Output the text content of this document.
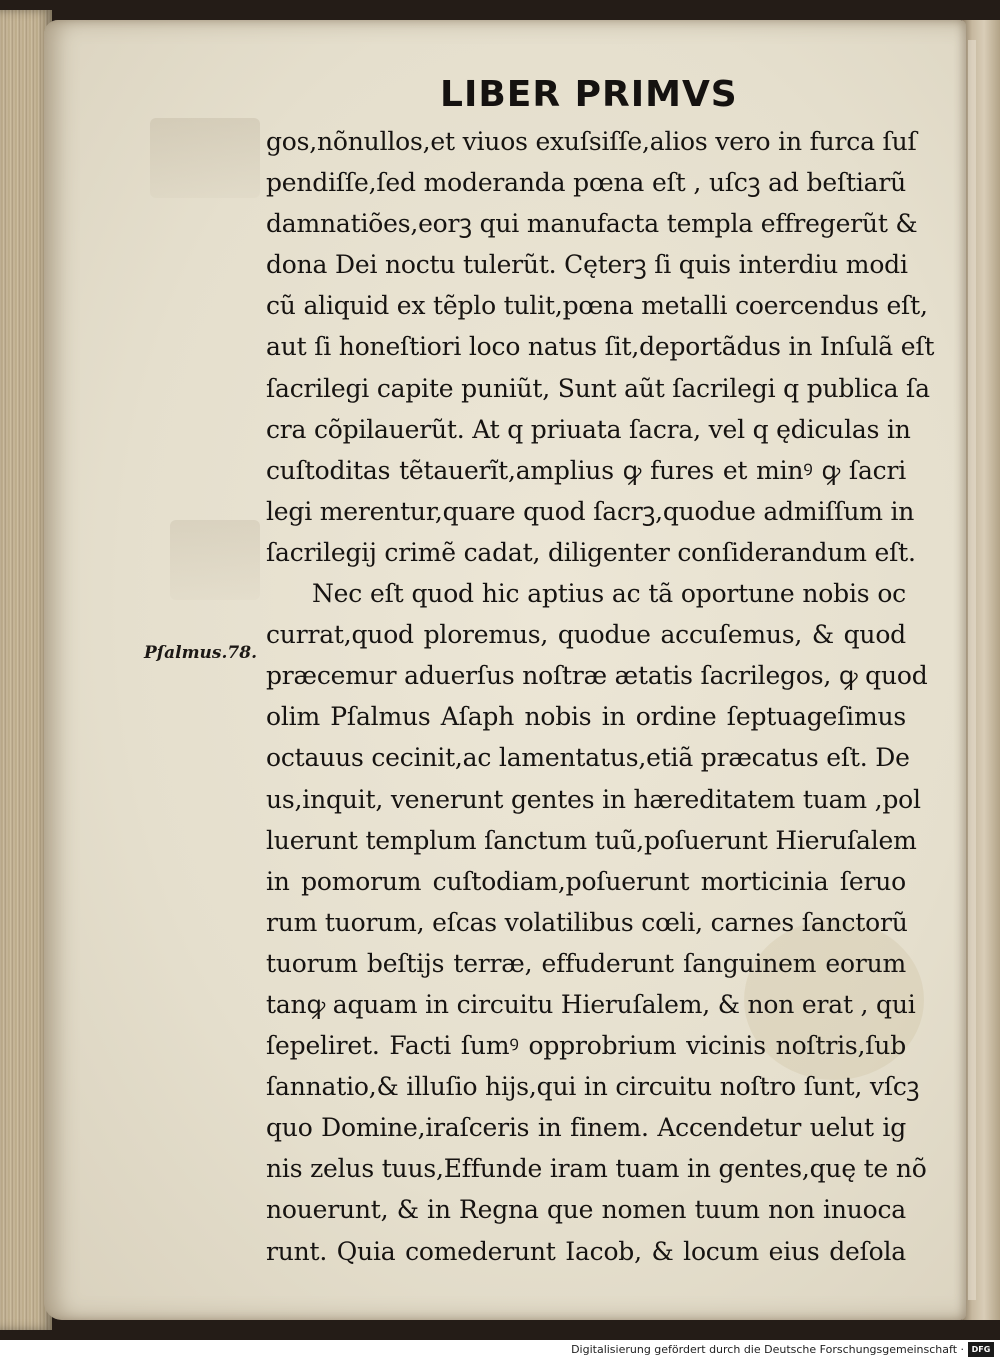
LIBER PRIMVS
gos,nõnullos,et viuos exuſsiſſe,alios vero in furca ſuſ
pendiſſe,ſed moderanda pœna eſt , uſcꝫ ad beſtiarũ
damnatiões,eorꝫ qui manufacta templa effregerũt &
dona Dei noctu tulerũt. Cęterꝫ ſi quis interdiu modi
cũ aliquid ex tẽplo tulit,pœna metalli coercendus eſt,
aut ſi honeſtiori loco natus ſit,deportãdus in Inſulã eſt
ſacrilegi capite puniũt, Sunt aũt ſacrilegi q publica ſa
cra cõpilauerũt. At q priuata ſacra, vel q ędiculas in
cuſtoditas tẽtauerĩt,amplius ꝙ fures et minꝰ ꝙ ſacri
legi merentur,quare quod ſacrꝫ,quodue admiſſum in
ſacrilegij crimẽ cadat, diligenter conſiderandum eſt.
Nec eſt quod hic aptius ac tã oportune nobis oc
currat,quod ploremus, quodue accuſemus, & quod
præcemur aduerſus noſtræ ætatis ſacrilegos, ꝙ quod
olim Pſalmus Aſaph nobis in ordine ſeptuageſimus
octauus cecinit,ac lamentatus,etiã præcatus eſt. De
us,inquit, venerunt gentes in hæreditatem tuam ,pol
luerunt templum ſanctum tuũ,poſuerunt Hieruſalem
in pomorum cuſtodiam,poſuerunt morticinia ſeruo
rum tuorum, eſcas volatilibus cœli, carnes ſanctorũ
tuorum beſtijs terræ, effuderunt ſanguinem eorum
tanꝙ aquam in circuitu Hieruſalem, & non erat , qui
ſepeliret. Facti ſumꝰ opprobrium vicinis noſtris,ſub
ſannatio,& illuſio hijs,qui in circuitu noſtro ſunt, vſcꝫ
quo Domine,iraſceris in finem. Accendetur uelut ig
nis zelus tuus,Effunde iram tuam in gentes,quę te nõ
nouerunt, & in Regna que nomen tuum non inuoca
runt. Quia comederunt Iacob, & locum eius deſola
Pſalmus.78.
Digitalisierung gefördert durch die Deutsche Forschungsgemeinschaft · DFG
